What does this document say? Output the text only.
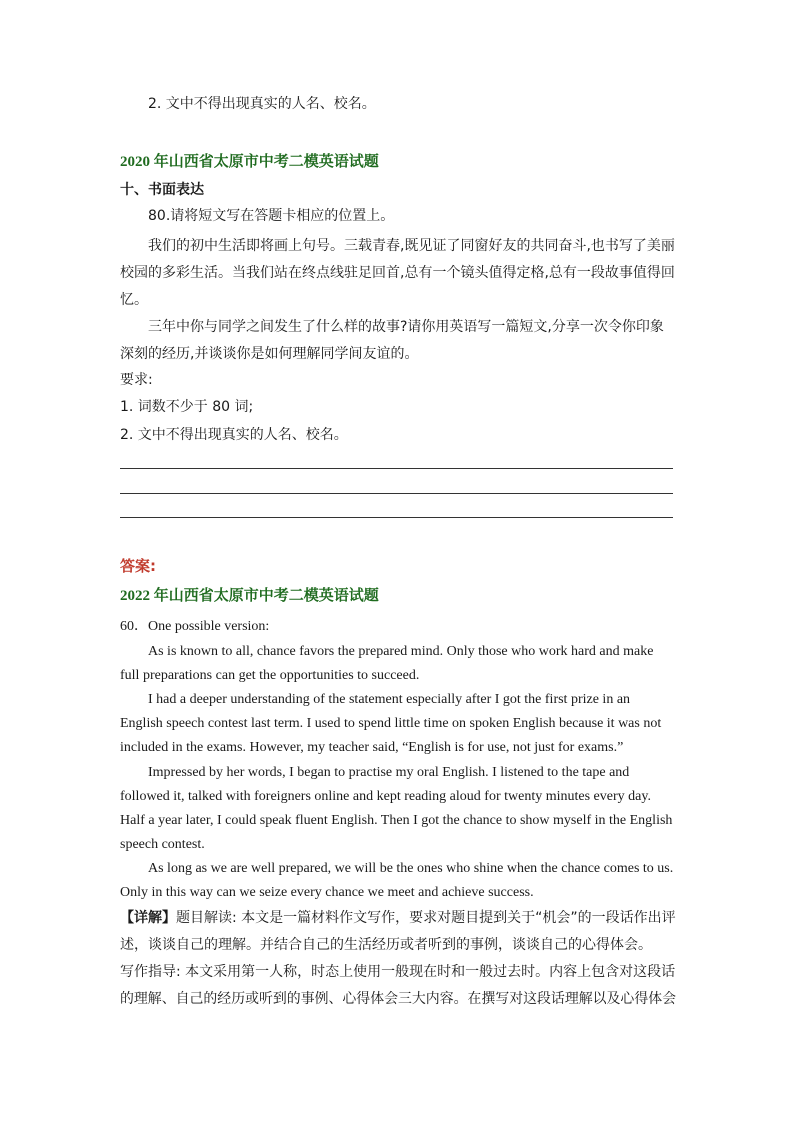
2. 文中不得出现真实的人名、校名。
2020 年山西省太原市中考二模英语试题
十、书面表达
80.请将短文写在答题卡相应的位置上。
我们的初中生活即将画上句号。三载青春,既见证了同窗好友的共同奋斗,也书写了美丽
校园的多彩生活。当我们站在终点线驻足回首,总有一个镜头值得定格,总有一段故事值得回
忆。
三年中你与同学之间发生了什么样的故事?请你用英语写一篇短文,分享一次令你印象
深刻的经历,并谈谈你是如何理解同学间友谊的。
要求:
1. 词数不少于 80 词;
2. 文中不得出现真实的人名、校名。
答案:
2022 年山西省太原市中考二模英语试题
60．One possible version:
As is known to all, chance favors the prepared mind. Only those who work hard and make
full preparations can get the opportunities to succeed.
I had a deeper understanding of the statement especially after I got the first prize in an
English speech contest last term. I used to spend little time on spoken English because it was not
included in the exams. However, my teacher said, “English is for use, not just for exams.”
Impressed by her words, I began to practise my oral English. I listened to the tape and
followed it, talked with foreigners online and kept reading aloud for twenty minutes every day.
Half a year later, I could speak fluent English. Then I got the chance to show myself in the English
speech contest.
As long as we are well prepared, we will be the ones who shine when the chance comes to us.
Only in this way can we seize every chance we meet and achieve success.
【详解】题目解读: 本文是一篇材料作文写作，要求对题目提到关于“机会”的一段话作出评
述，谈谈自己的理解。并结合自己的生活经历或者听到的事例，谈谈自己的心得体会。
写作指导: 本文采用第一人称，时态上使用一般现在时和一般过去时。内容上包含对这段话
的理解、自己的经历或听到的事例、心得体会三大内容。在撰写对这段话理解以及心得体会
